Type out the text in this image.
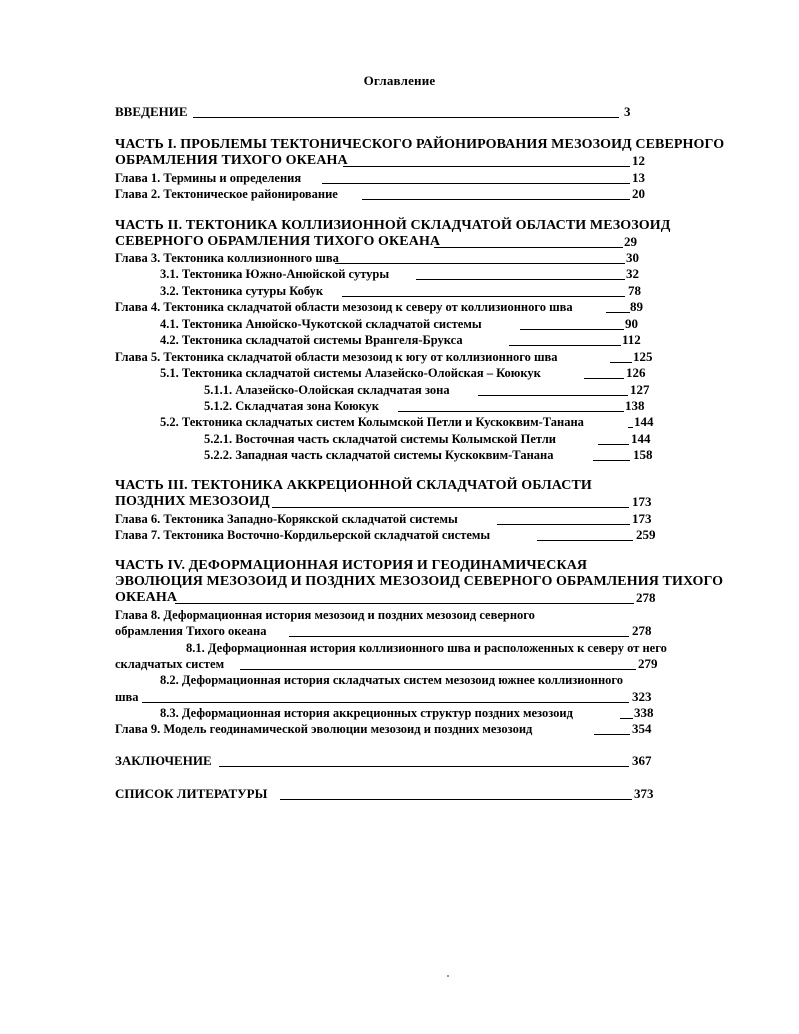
Оглавление
ВВЕДЕНИЕ	3
ЧАСТЬ I. ПРОБЛЕМЫ ТЕКТОНИЧЕСКОГО РАЙОНИРОВАНИЯ МЕЗОЗОИД СЕВЕРНОГО
ОБРАМЛЕНИЯ ТИХОГО ОКЕАНА	12
Глава 1. Термины и определения	13
Глава 2. Тектоническое районирование	20
ЧАСТЬ II. ТЕКТОНИКА КОЛЛИЗИОННОЙ СКЛАДЧАТОЙ ОБЛАСТИ МЕЗОЗОИД
СЕВЕРНОГО ОБРАМЛЕНИЯ ТИХОГО ОКЕАНА	29
Глава 3. Тектоника коллизионного шва	30
3.1. Тектоника Южно-Анюйской сутуры	32
3.2. Тектоника сутуры Кобук	78
Глава 4. Тектоника складчатой области мезозоид к северу от коллизионного шва	89
4.1. Тектоника Анюйско-Чукотской складчатой системы	90
4.2. Тектоника складчатой системы Врангеля-Брукса	112
Глава 5. Тектоника складчатой области мезозоид к югу от коллизионного шва	125
5.1. Тектоника складчатой системы Алазейско-Олойская – Коюкук	126
5.1.1. Алазейско-Олойская складчатая зона	127
5.1.2. Складчатая зона Коюкук	138
5.2. Тектоника складчатых систем Колымской Петли и Кускоквим-Танана	144
5.2.1. Восточная часть складчатой системы Колымской Петли	144
5.2.2. Западная часть складчатой системы Кускоквим-Танана	158
ЧАСТЬ III. ТЕКТОНИКА АККРЕЦИОННОЙ СКЛАДЧАТОЙ ОБЛАСТИ
ПОЗДНИХ МЕЗОЗОИД	173
Глава 6. Тектоника Западно-Корякской складчатой системы	173
Глава 7. Тектоника Восточно-Кордильерской складчатой системы	259
ЧАСТЬ IV. ДЕФОРМАЦИОННАЯ ИСТОРИЯ И ГЕОДИНАМИЧЕСКАЯ
ЭВОЛЮЦИЯ МЕЗОЗОИД И ПОЗДНИХ МЕЗОЗОИД СЕВЕРНОГО ОБРАМЛЕНИЯ ТИХОГО
ОКЕАНА	278
Глава 8. Деформационная история мезозоид и поздних мезозоид северного
обрамления Тихого океана	278
8.1. Деформационная история коллизионного шва и расположенных к северу от него
складчатых систем	279
8.2. Деформационная история складчатых систем мезозоид южнее коллизионного
шва	323
8.3. Деформационная история аккреционных структур поздних мезозоид	338
Глава 9. Модель геодинамической эволюции мезозоид и поздних мезозоид	354
ЗАКЛЮЧЕНИЕ	367
СПИСОК ЛИТЕРАТУРЫ	373
